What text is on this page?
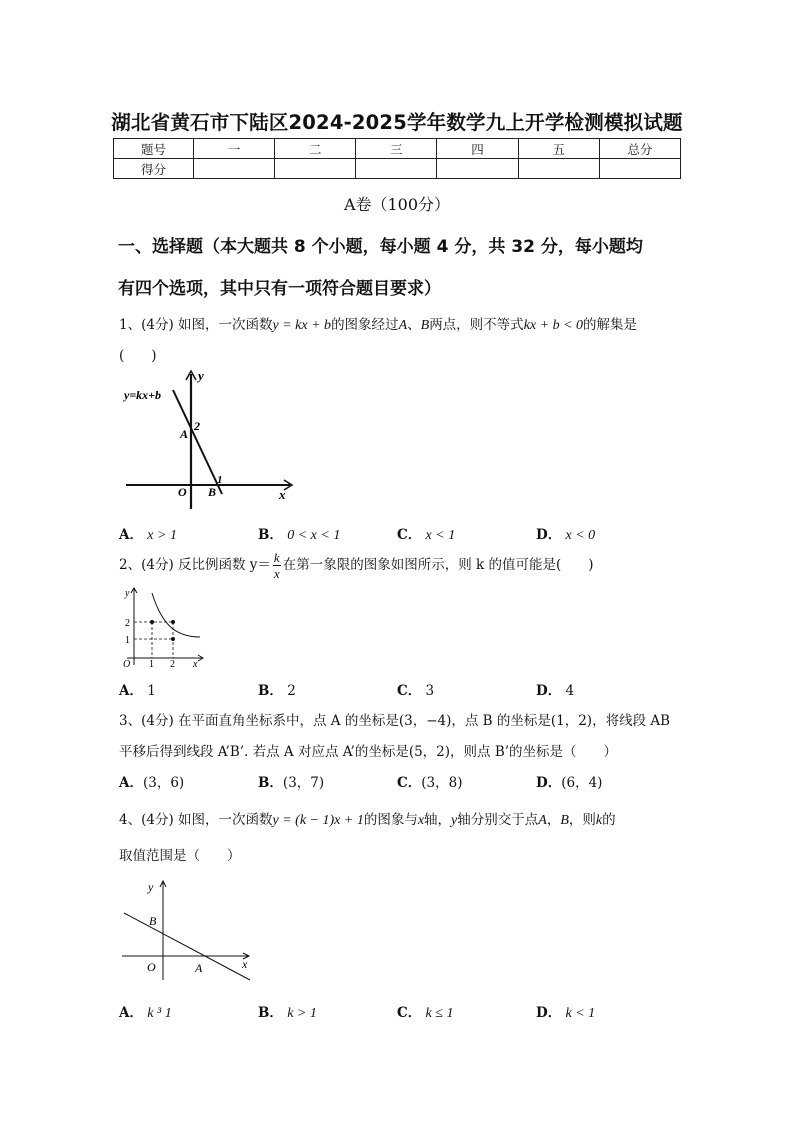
湖北省黄石市下陆区2024-2025学年数学九上开学检测模拟试题
题号	一	二	三	四	五	总分
得分						
A卷（100分）
一、选择题（本大题共 8 个小题，每小题 4 分，共 32 分，每小题均
有四个选项，其中只有一项符合题目要求）
1、(4分) 如图，一次函数y = kx + b的图象经过A、B两点，则不等式kx + b < 0的解集是
(　　)
y=kx+b
y
x
O
A
2
B
1
A． x > 1	B． 0 < x < 1	C． x < 1	D． x < 0
2、(4分) 反比例函数 $y= \frac{k}{x}$ 在第一象限的图象如图所示，则 k 的值可能是(　　)
y
x
O
2
1
1 2
A． 1	B． 2	C． 3	D． 4
3、(4分) 在平面直角坐标系中，点 A 的坐标是(3，−4)，点 B 的坐标是(1，2)，将线段 AB
平移后得到线段 A’B’. 若点 A 对应点 A’的坐标是(5，2)，则点 B’的坐标是（　　）
A．(3，6)	B．(3，7)	C．(3，8)	D．(6，4)
4、(4分) 如图，一次函数y = (k − 1)x + 1的图象与x轴，y轴分别交于点A，B，则k的
取值范围是（　　）
y
x
O
B
A
A． k ³ 1	B． k > 1	C． k ≤ 1	D． k < 1
